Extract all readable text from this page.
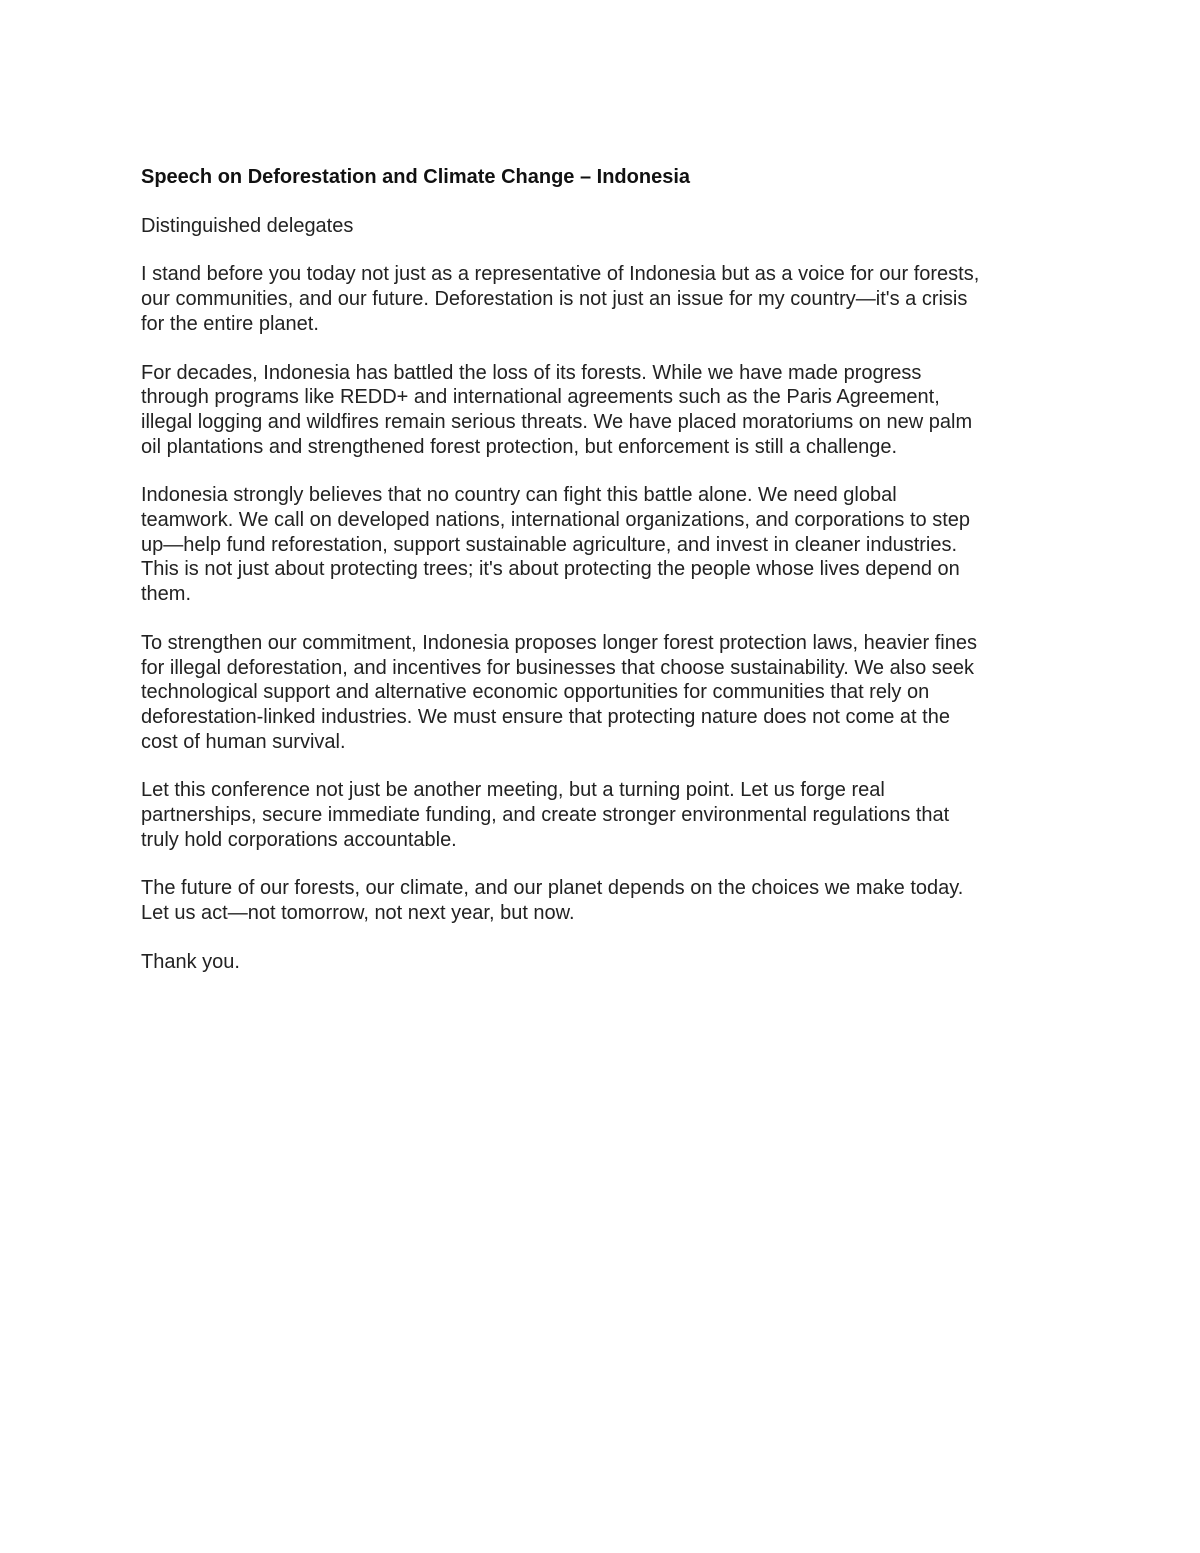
Speech on Deforestation and Climate Change – Indonesia
Distinguished delegates
I stand before you today not just as a representative of Indonesia but as a voice for our forests,
our communities, and our future. Deforestation is not just an issue for my country—it's a crisis
for the entire planet.
For decades, Indonesia has battled the loss of its forests. While we have made progress
through programs like REDD+ and international agreements such as the Paris Agreement,
illegal logging and wildfires remain serious threats. We have placed moratoriums on new palm
oil plantations and strengthened forest protection, but enforcement is still a challenge.
Indonesia strongly believes that no country can fight this battle alone. We need global
teamwork. We call on developed nations, international organizations, and corporations to step
up—help fund reforestation, support sustainable agriculture, and invest in cleaner industries.
This is not just about protecting trees; it's about protecting the people whose lives depend on
them.
To strengthen our commitment, Indonesia proposes longer forest protection laws, heavier fines
for illegal deforestation, and incentives for businesses that choose sustainability. We also seek
technological support and alternative economic opportunities for communities that rely on
deforestation-linked industries. We must ensure that protecting nature does not come at the
cost of human survival.
Let this conference not just be another meeting, but a turning point. Let us forge real
partnerships, secure immediate funding, and create stronger environmental regulations that
truly hold corporations accountable.
The future of our forests, our climate, and our planet depends on the choices we make today.
Let us act—not tomorrow, not next year, but now.
Thank you.
